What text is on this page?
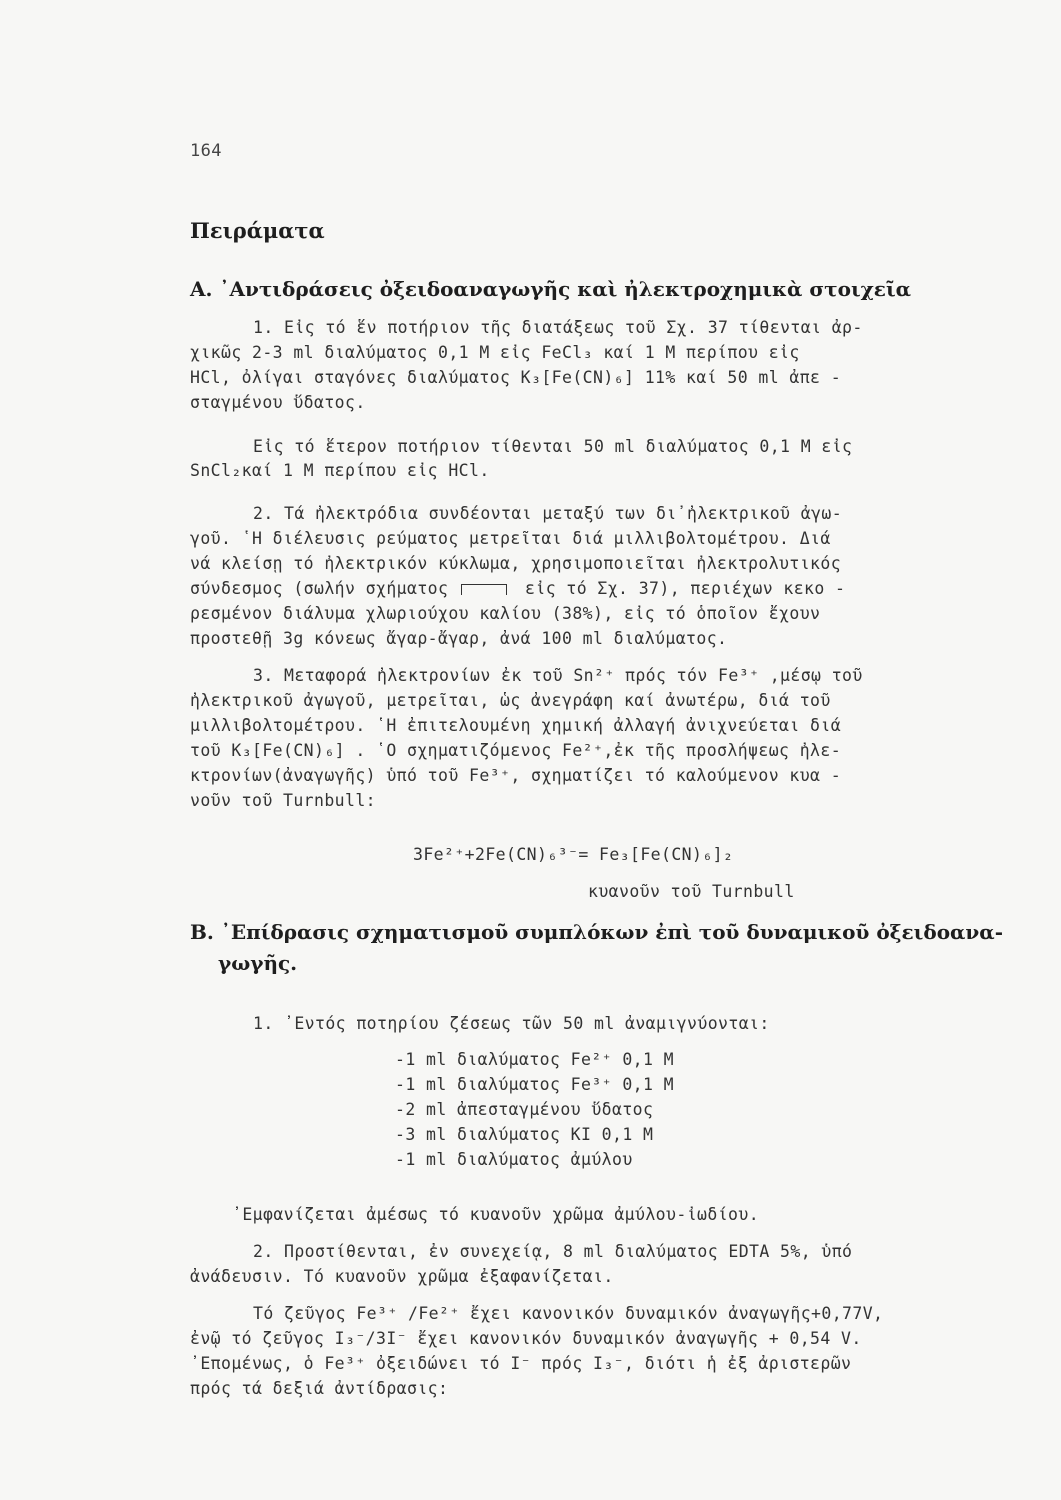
164
Πειράματα
A. ᾿Αντιδράσεις ὀξειδοαναγωγῆς καὶ ἠλεκτροχημικὰ στοιχεῖα
1. Εἰς τό ἕν ποτήριον τῆς διατάξεως τοῦ Σχ. 37 τίθενται ἀρ-
χικῶς 2-3 ml διαλύματος 0,1 M εἰς FeCl₃ καί 1 M περίπου εἰς
HCl, ὀλίγαι σταγόνες διαλύματος K₃[Fe(CN)₆] 11% καί 50 ml ἀπε -
σταγμένου ὕδατος.
Εἰς τό ἕτερον ποτήριον τίθενται 50 ml διαλύματος 0,1 M εἰς
SnCl₂καί 1 M περίπου εἰς HCl.
2. Τά ἠλεκτρόδια συνδέονται μεταξύ των δι᾿ἠλεκτρικοῦ ἀγω-
γοῦ. ῾Η διέλευσις ρεύματος μετρεῖται διά μιλλιβολτομέτρου. Διά
νά κλείσῃ τό ἠλεκτρικόν κύκλωμα, χρησιμοποιεῖται ἠλεκτρολυτικός
σύνδεσμος (σωλήν σχήματος	εἰς τό Σχ. 37), περιέχων κεκο -
ρεσμένον διάλυμα χλωριούχου καλίου (38%), εἰς τό ὁποῖον ἔχουν
προστεθῇ 3g κόνεως ἄγαρ-ἄγαρ, ἀνά 100 ml διαλύματος.
3. Μεταφορά ἠλεκτρονίων ἐκ τοῦ Sn²⁺ πρός τόν Fe³⁺ ,μέσῳ τοῦ
ἠλεκτρικοῦ ἀγωγοῦ, μετρεῖται, ὡς ἀνεγράφη καί ἀνωτέρω, διά τοῦ
μιλλιβολτομέτρου. ῾Η ἐπιτελουμένη χημική ἀλλαγή ἀνιχνεύεται διά
τοῦ K₃[Fe(CN)₆] . ῾Ο σχηματιζόμενος Fe²⁺,ἐκ τῆς προσλήψεως ἠλε-
κτρονίων(ἀναγωγῆς) ὑπό τοῦ Fe³⁺, σχηματίζει τό καλούμενον κυα -
νοῦν τοῦ Turnbull:
3Fe²⁺+2Fe(CN)₆³⁻= Fe₃[Fe(CN)₆]₂
κυανοῦν τοῦ Turnbull
B. ᾿Επίδρασις σχηματισμοῦ συμπλόκων ἐπὶ τοῦ δυναμικοῦ ὀξειδοανα-
γωγῆς.
1. ᾿Εντός ποτηρίου ζέσεως τῶν 50 ml ἀναμιγνύονται:
-1 ml διαλύματος Fe²⁺ 0,1 M
-1 ml διαλύματος Fe³⁺ 0,1 M
-2 ml ἀπεσταγμένου ὕδατος
-3 ml διαλύματος KI 0,1 M
-1 ml διαλύματος ἀμύλου
᾿Εμφανίζεται ἀμέσως τό κυανοῦν χρῶμα ἀμύλου-ἰωδίου.
2. Προστίθενται, ἐν συνεχείᾳ, 8 ml διαλύματος EDTA 5%, ὑπό
ἀνάδευσιν. Τό κυανοῦν χρῶμα ἐξαφανίζεται.
Τό ζεῦγος Fe³⁺ /Fe²⁺ ἔχει κανονικόν δυναμικόν ἀναγωγῆς+0,77V,
ἐνῷ τό ζεῦγος I₃⁻/3I⁻ ἔχει κανονικόν δυναμικόν ἀναγωγῆς + 0,54 V.
᾿Επομένως, ὁ Fe³⁺ ὀξειδώνει τό I⁻ πρός I₃⁻, διότι ἡ ἐξ ἀριστερῶν
πρός τά δεξιά ἀντίδρασις:
